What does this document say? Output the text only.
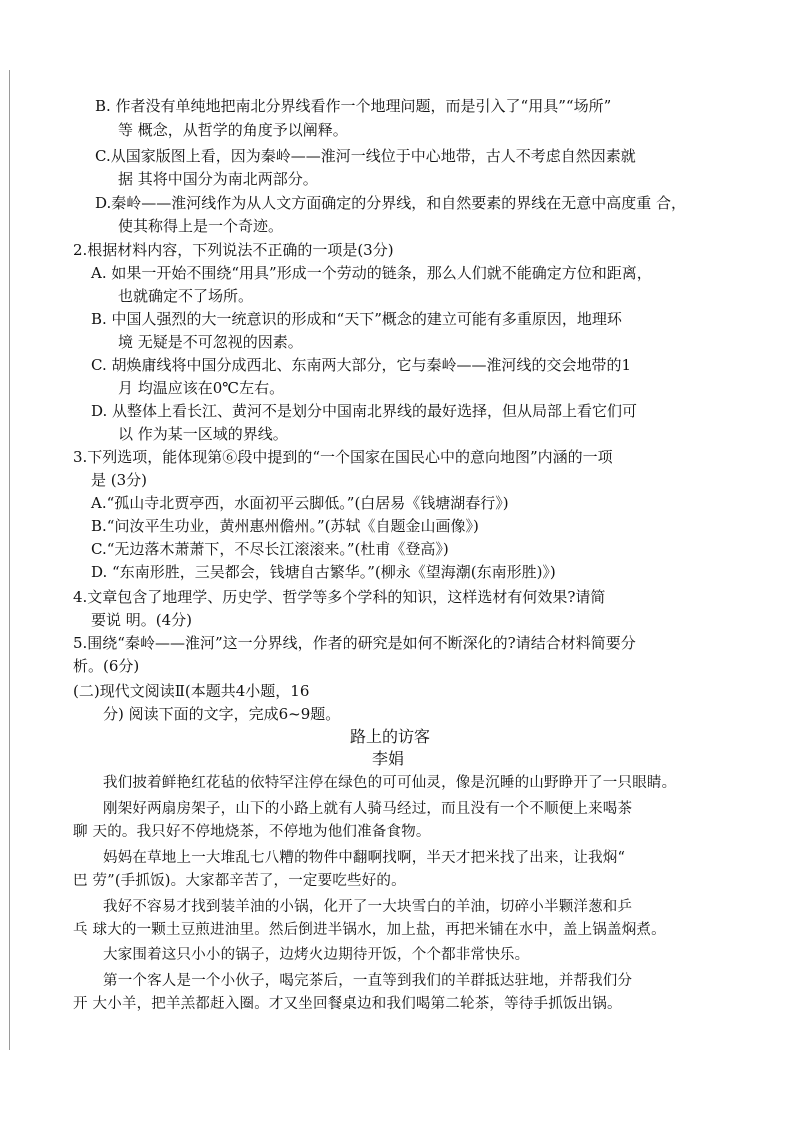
B. 作者没有单纯地把南北分界线看作一个地理问题，而是引入了“用具”“场所”
等 概念，从哲学的角度予以阐释。
C.从国家版图上看，因为秦岭——淮河一线位于中心地带，古人不考虑自然因素就
据 其将中国分为南北两部分。
D.秦岭——淮河线作为从人文方面确定的分界线，和自然要素的界线在无意中高度重 合，
使其称得上是一个奇迹。
2.根据材料内容，下列说法不正确的一项是(3分)
A. 如果一开始不围绕“用具”形成一个劳动的链条，那么人们就不能确定方位和距离，
也就确定不了场所。
B. 中国人强烈的大一统意识的形成和“天下”概念的建立可能有多重原因，地理环
境 无疑是不可忽视的因素。
C. 胡焕庸线将中国分成西北、东南两大部分，它与秦岭——淮河线的交会地带的1
月 均温应该在0℃左右。
D. 从整体上看长江、黄河不是划分中国南北界线的最好选择，但从局部上看它们可
以 作为某一区域的界线。
3.下列选项，能体现第⑥段中提到的“一个国家在国民心中的意向地图”内涵的一项
是 (3分)
A.“孤山寺北贾亭西，水面初平云脚低。”(白居易《钱塘湖春行》)
B.“问汝平生功业，黄州惠州儋州。”(苏轼《自题金山画像》)
C.“无边落木萧萧下，不尽长江滚滚来。”(杜甫《登高》)
D. “东南形胜，三吴都会，钱塘自古繁华。”(柳永《望海潮(东南形胜)》)
4.文章包含了地理学、历史学、哲学等多个学科的知识，这样选材有何效果?请简
要说 明。(4分)
5.围绕“秦岭——淮河”这一分界线，作者的研究是如何不断深化的?请结合材料简要分
析。(6分)
(二)现代文阅读Ⅱ(本题共4小题，16
分) 阅读下面的文字，完成6~9题。
路上的访客
李娟
我们披着鲜艳红花毡的依特罕注停在绿色的可可仙灵，像是沉睡的山野睁开了一只眼睛。
刚架好两扇房架子，山下的小路上就有人骑马经过，而且没有一个不顺便上来喝茶
聊 天的。我只好不停地烧茶，不停地为他们准备食物。
妈妈在草地上一大堆乱七八糟的物件中翻啊找啊，半天才把米找了出来，让我焖“
巴 劳”(手抓饭)。大家都辛苦了，一定要吃些好的。
我好不容易才找到装羊油的小锅，化开了一大块雪白的羊油，切碎小半颗洋葱和乒
乓 球大的一颗土豆煎进油里。然后倒进半锅水，加上盐，再把米铺在水中，盖上锅盖焖煮。
大家围着这只小小的锅子，边烤火边期待开饭，个个都非常快乐。
第一个客人是一个小伙子，喝完茶后，一直等到我们的羊群抵达驻地，并帮我们分
开 大小羊，把羊羔都赶入圈。才又坐回餐桌边和我们喝第二轮茶，等待手抓饭出锅。
